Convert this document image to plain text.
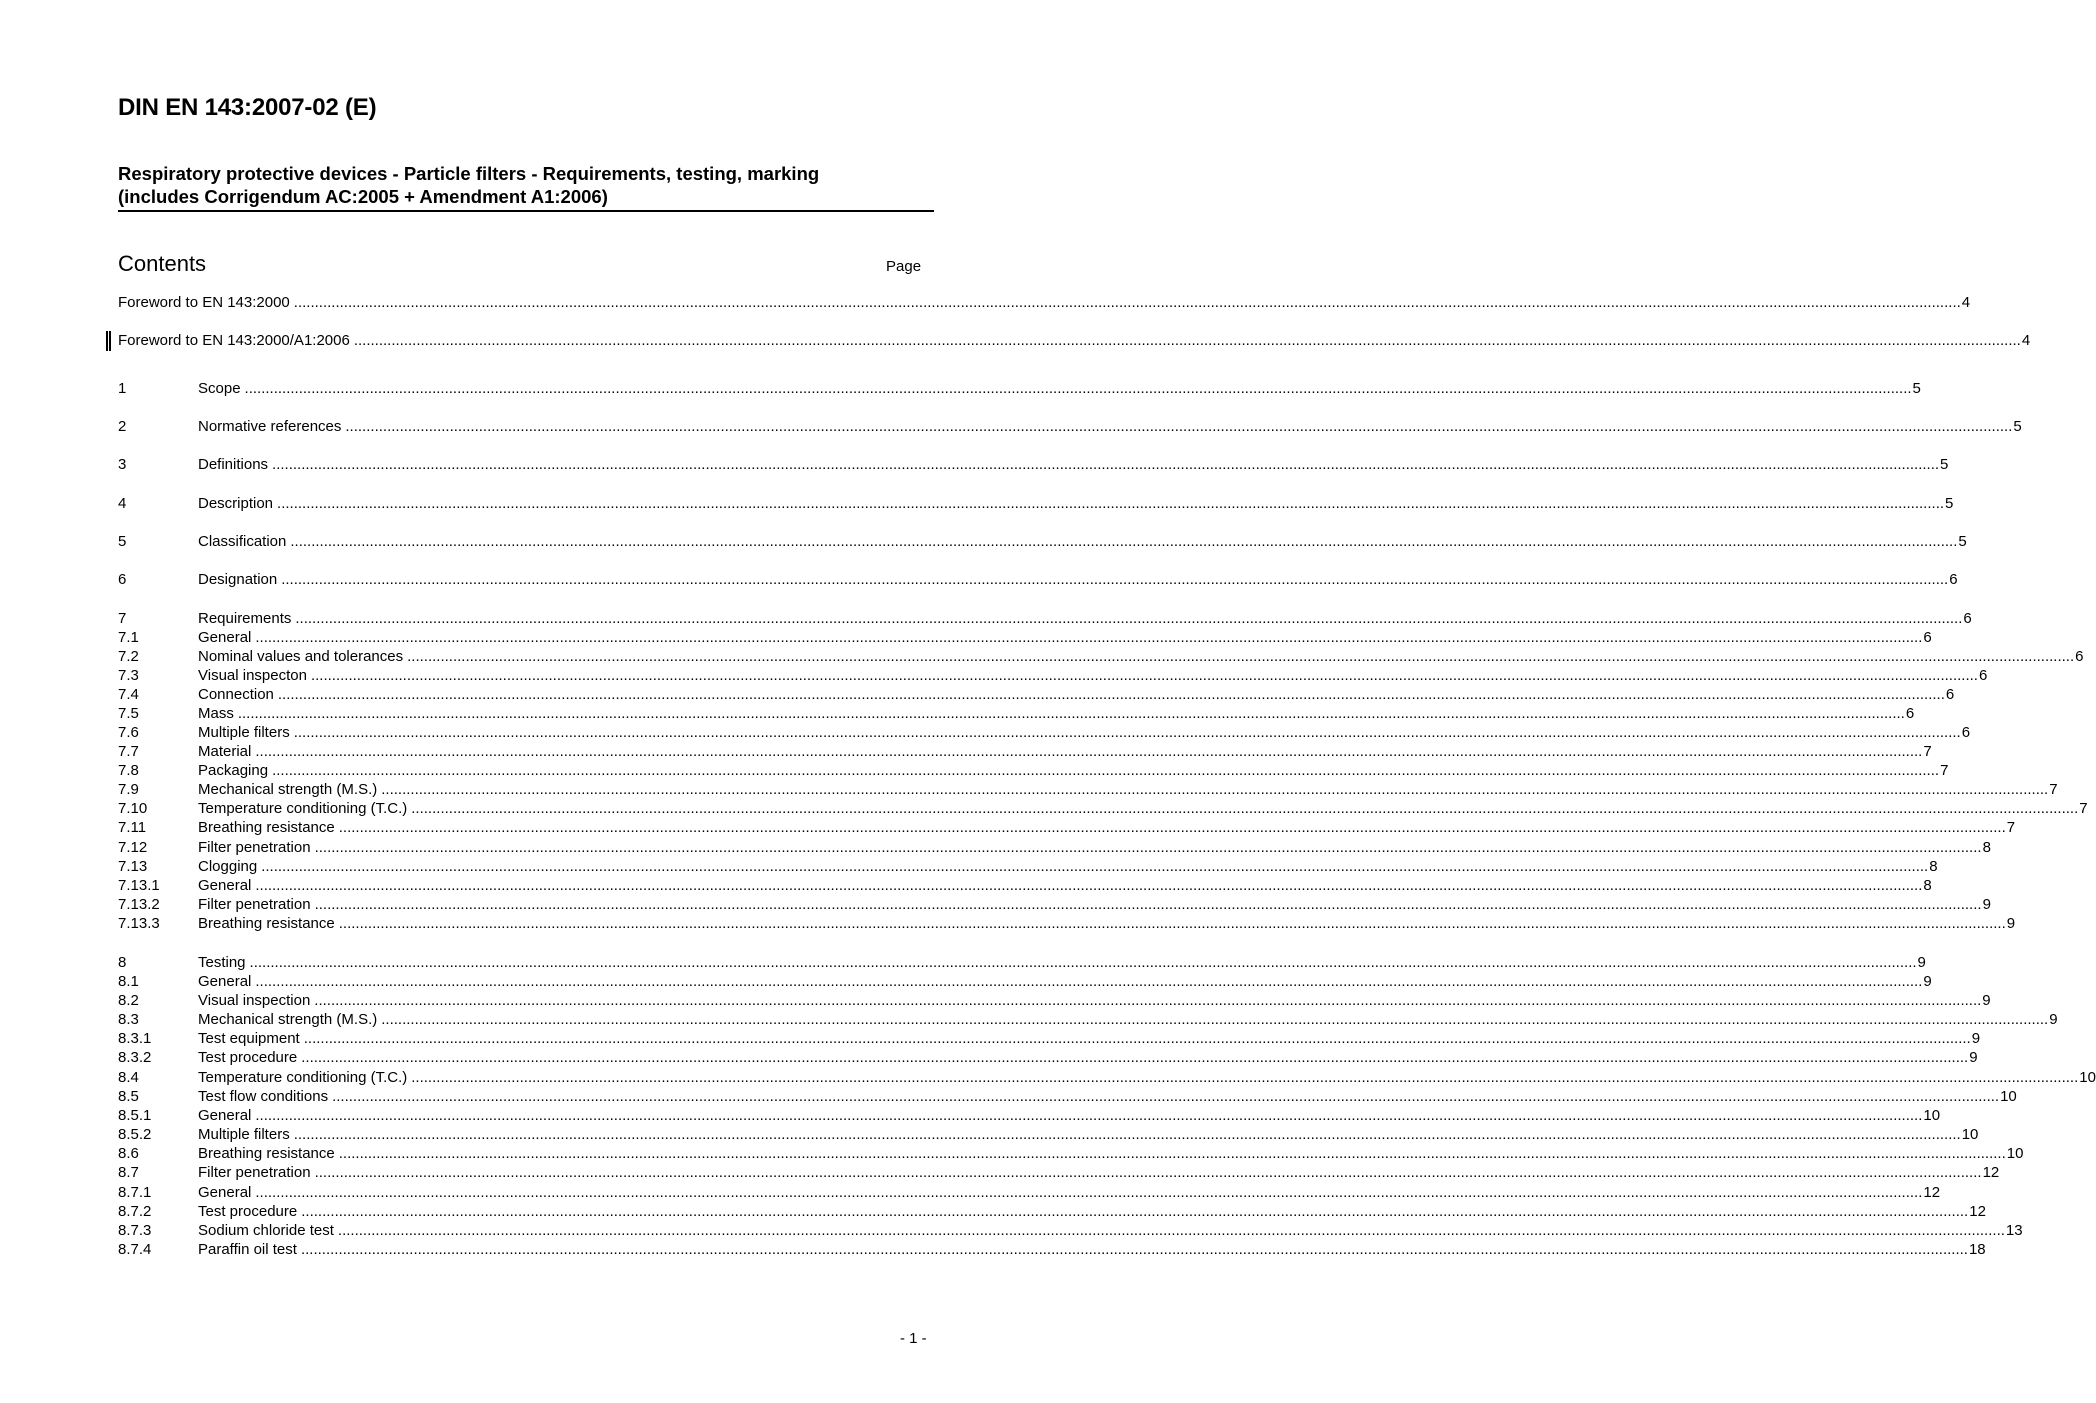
DIN EN 143:2007-02 (E)
Respiratory protective devices - Particle filters - Requirements, testing, marking
(includes Corrigendum AC:2005 + Amendment A1:2006)
Contents	Page
Foreword to EN 143:2000 ................................................................................................................................................................................................................................................................................................................................................................................................................ 4
Foreword to EN 143:2000/A1:2006 ................................................................................................................................................................................................................................................................................................................................................................................................................ 4
1	Scope ................................................................................................................................................................................................................................................................................................................................................................................................................ 5
2	Normative references ................................................................................................................................................................................................................................................................................................................................................................................................................ 5
3	Definitions ................................................................................................................................................................................................................................................................................................................................................................................................................ 5
4	Description ................................................................................................................................................................................................................................................................................................................................................................................................................ 5
5	Classification ................................................................................................................................................................................................................................................................................................................................................................................................................ 5
6	Designation ................................................................................................................................................................................................................................................................................................................................................................................................................ 6
7	Requirements ................................................................................................................................................................................................................................................................................................................................................................................................................ 6
7.1	General ................................................................................................................................................................................................................................................................................................................................................................................................................ 6
7.2	Nominal values and tolerances ................................................................................................................................................................................................................................................................................................................................................................................................................ 6
7.3	Visual inspecton ................................................................................................................................................................................................................................................................................................................................................................................................................ 6
7.4	Connection ................................................................................................................................................................................................................................................................................................................................................................................................................ 6
7.5	Mass ................................................................................................................................................................................................................................................................................................................................................................................................................ 6
7.6	Multiple filters ................................................................................................................................................................................................................................................................................................................................................................................................................ 6
7.7	Material ................................................................................................................................................................................................................................................................................................................................................................................................................ 7
7.8	Packaging ................................................................................................................................................................................................................................................................................................................................................................................................................ 7
7.9	Mechanical strength (M.S.) ................................................................................................................................................................................................................................................................................................................................................................................................................ 7
7.10	Temperature conditioning (T.C.) ................................................................................................................................................................................................................................................................................................................................................................................................................ 7
7.11	Breathing resistance ................................................................................................................................................................................................................................................................................................................................................................................................................ 7
7.12	Filter penetration ................................................................................................................................................................................................................................................................................................................................................................................................................ 8
7.13	Clogging ................................................................................................................................................................................................................................................................................................................................................................................................................ 8
7.13.1	General ................................................................................................................................................................................................................................................................................................................................................................................................................ 8
7.13.2	Filter penetration ................................................................................................................................................................................................................................................................................................................................................................................................................ 9
7.13.3	Breathing resistance ................................................................................................................................................................................................................................................................................................................................................................................................................ 9
8	Testing ................................................................................................................................................................................................................................................................................................................................................................................................................ 9
8.1	General ................................................................................................................................................................................................................................................................................................................................................................................................................ 9
8.2	Visual inspection ................................................................................................................................................................................................................................................................................................................................................................................................................ 9
8.3	Mechanical strength (M.S.) ................................................................................................................................................................................................................................................................................................................................................................................................................ 9
8.3.1	Test equipment ................................................................................................................................................................................................................................................................................................................................................................................................................ 9
8.3.2	Test procedure ................................................................................................................................................................................................................................................................................................................................................................................................................ 9
8.4	Temperature conditioning (T.C.) ................................................................................................................................................................................................................................................................................................................................................................................................................ 10
8.5	Test flow conditions ................................................................................................................................................................................................................................................................................................................................................................................................................ 10
8.5.1	General ................................................................................................................................................................................................................................................................................................................................................................................................................ 10
8.5.2	Multiple filters ................................................................................................................................................................................................................................................................................................................................................................................................................ 10
8.6	Breathing resistance ................................................................................................................................................................................................................................................................................................................................................................................................................ 10
8.7	Filter penetration ................................................................................................................................................................................................................................................................................................................................................................................................................ 12
8.7.1	General ................................................................................................................................................................................................................................................................................................................................................................................................................ 12
8.7.2	Test procedure ................................................................................................................................................................................................................................................................................................................................................................................................................ 12
8.7.3	Sodium chloride test ................................................................................................................................................................................................................................................................................................................................................................................................................ 13
8.7.4	Paraffin oil test ................................................................................................................................................................................................................................................................................................................................................................................................................ 18
- 1 -
